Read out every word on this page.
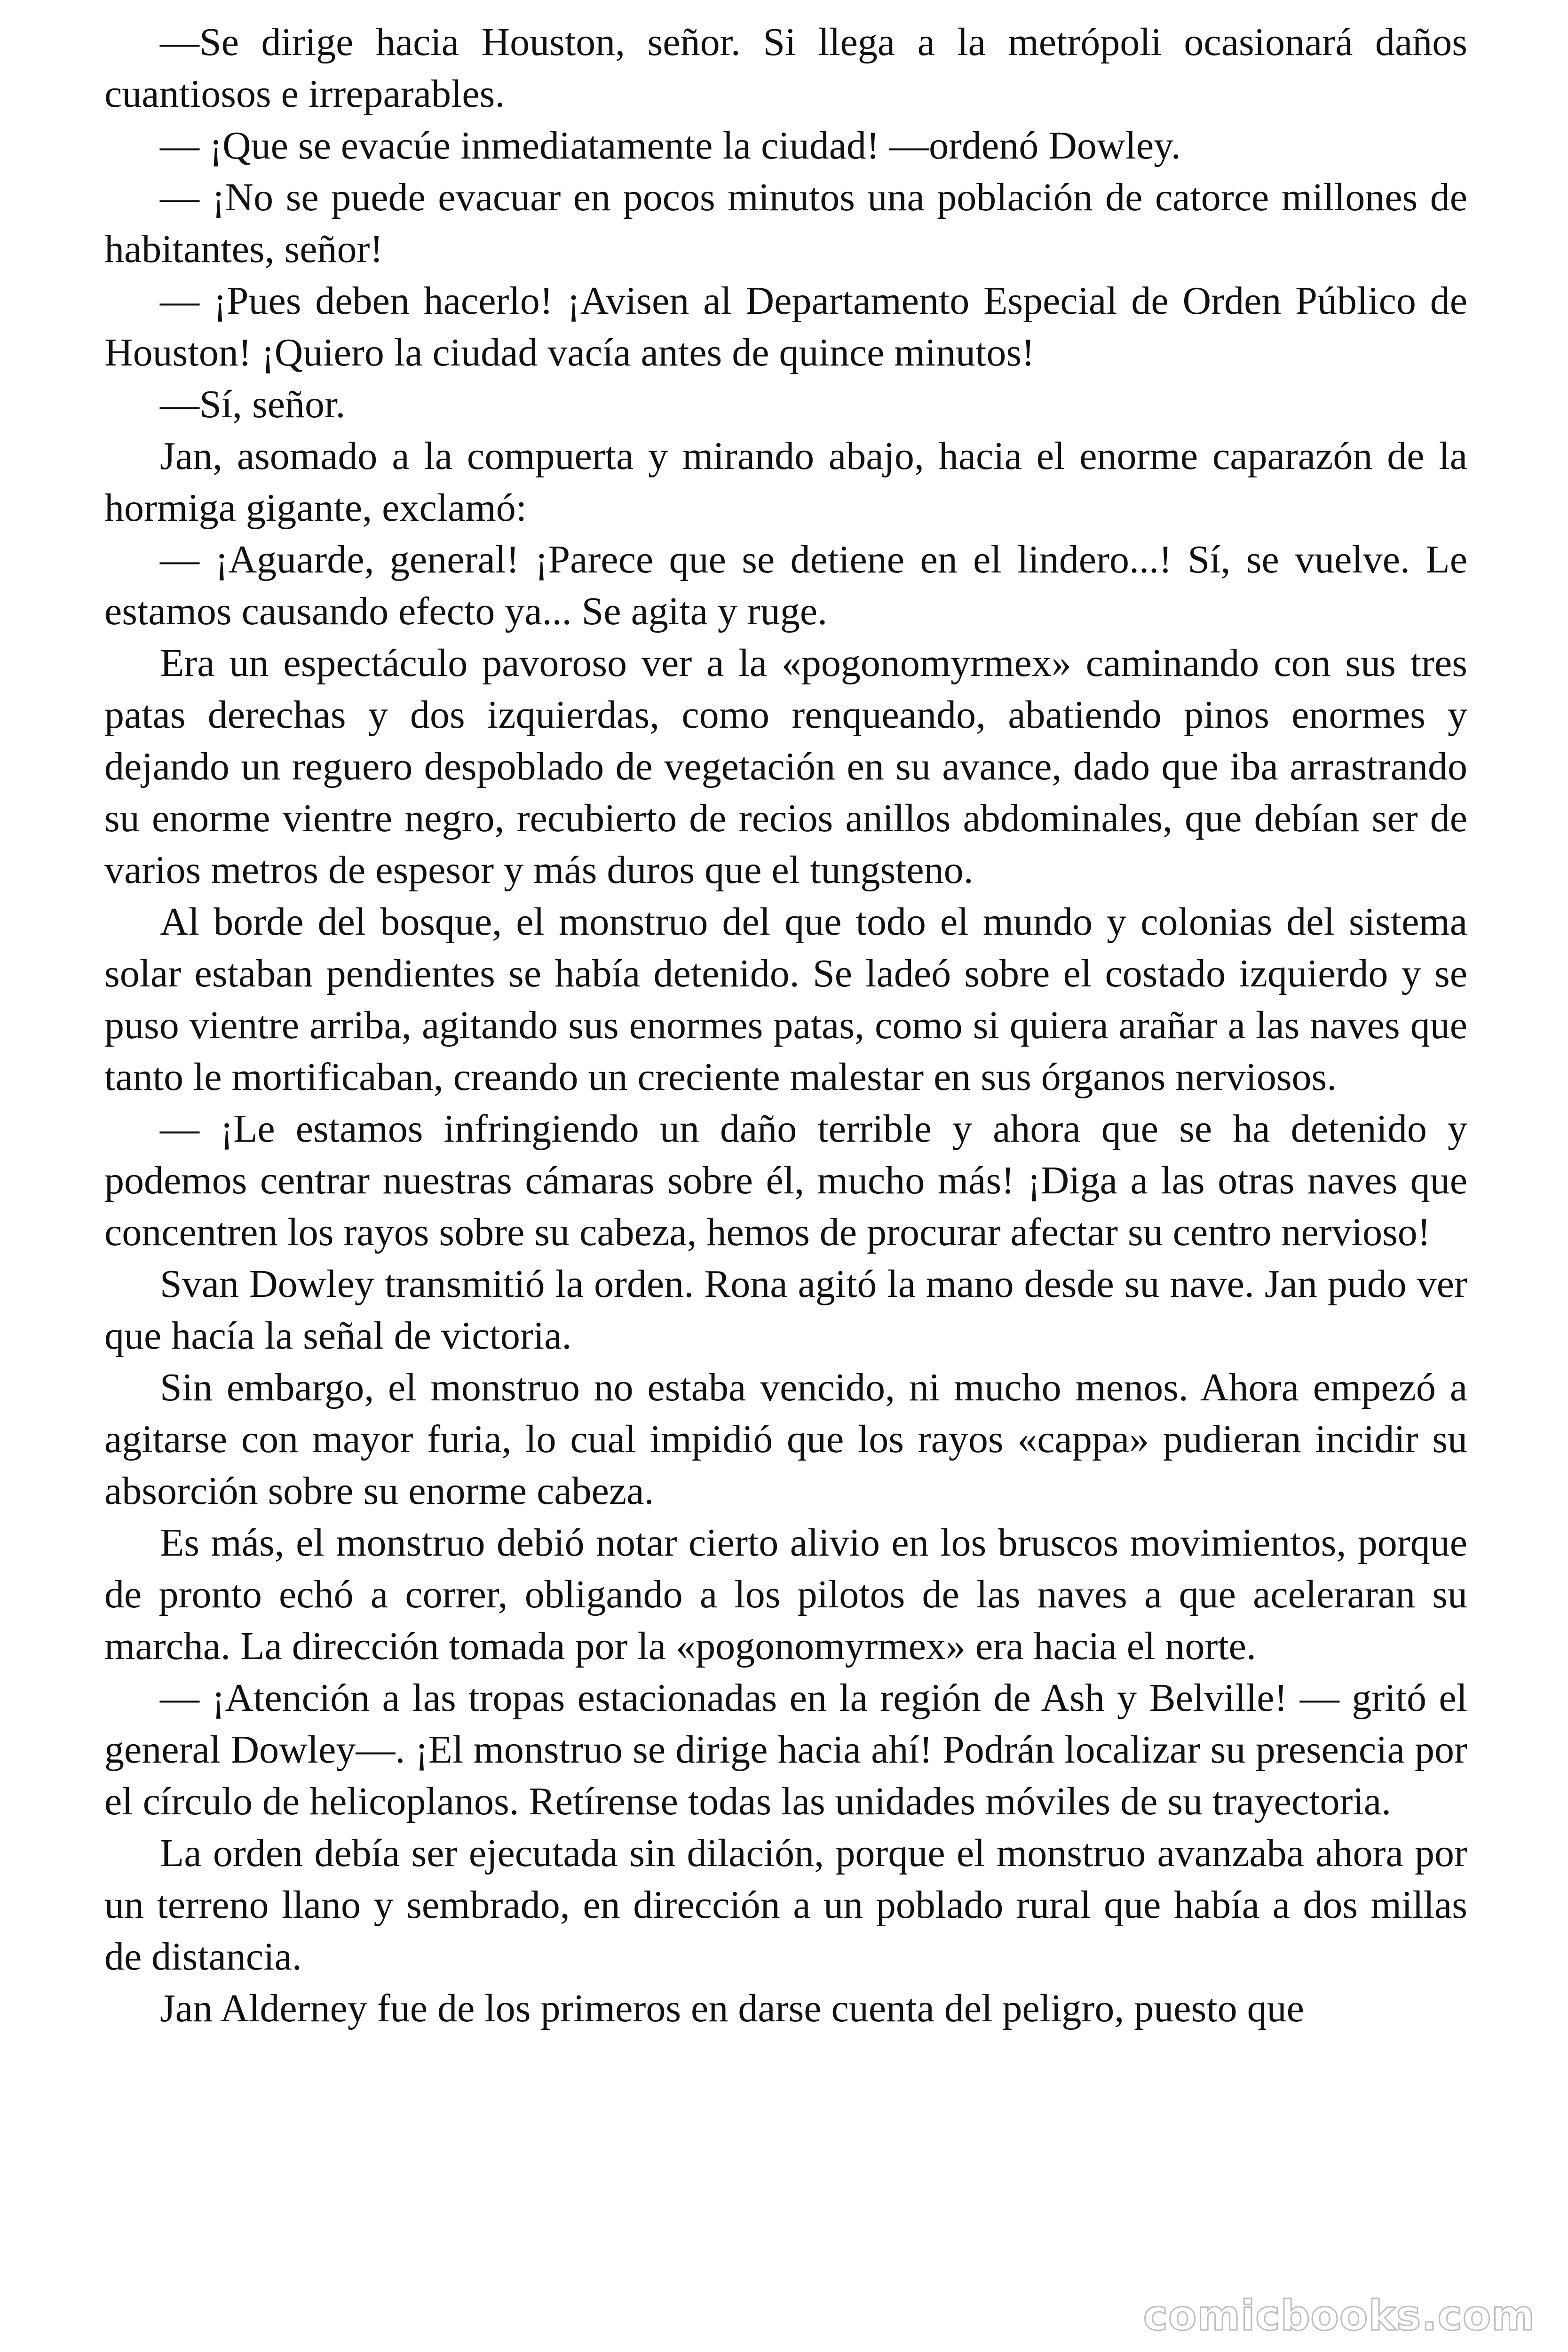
—Se dirige hacia Houston, señor. Si llega a la metrópoli ocasionará daños cuantiosos e irreparables.

— ¡Que se evacúe inmediatamente la ciudad! —ordenó Dowley.

— ¡No se puede evacuar en pocos minutos una población de catorce millones de habitantes, señor!

— ¡Pues deben hacerlo! ¡Avisen al Departamento Especial de Orden Público de Houston! ¡Quiero la ciudad vacía antes de quince minutos!

—Sí, señor.

Jan, asomado a la compuerta y mirando abajo, hacia el enorme caparazón de la hormiga gigante, exclamó:

— ¡Aguarde, general! ¡Parece que se detiene en el lindero...! Sí, se vuelve. Le estamos causando efecto ya... Se agita y ruge.

Era un espectáculo pavoroso ver a la «pogonomyrmex» caminando con sus tres patas derechas y dos izquierdas, como renqueando, abatiendo pinos enormes y dejando un reguero despoblado de vegetación en su avance, dado que iba arrastrando su enorme vientre negro, recubierto de recios anillos abdominales, que debían ser de varios metros de espesor y más duros que el tungsteno.

Al borde del bosque, el monstruo del que todo el mundo y colonias del sistema solar estaban pendientes se había detenido. Se ladeó sobre el costado izquierdo y se puso vientre arriba, agitando sus enormes patas, como si quiera arañar a las naves que tanto le mortificaban, creando un creciente malestar en sus órganos nerviosos.

— ¡Le estamos infringiendo un daño terrible y ahora que se ha detenido y podemos centrar nuestras cámaras sobre él, mucho más! ¡Diga a las otras naves que concentren los rayos sobre su cabeza, hemos de procurar afectar su centro nervioso!

Svan Dowley transmitió la orden. Rona agitó la mano desde su nave. Jan pudo ver que hacía la señal de victoria.

Sin embargo, el monstruo no estaba vencido, ni mucho menos. Ahora empezó a agitarse con mayor furia, lo cual impidió que los rayos «cappa» pudieran incidir su absorción sobre su enorme cabeza.

Es más, el monstruo debió notar cierto alivio en los bruscos movimientos, porque de pronto echó a correr, obligando a los pilotos de las naves a que aceleraran su marcha. La dirección tomada por la «pogonomyrmex» era hacia el norte.

— ¡Atención a las tropas estacionadas en la región de Ash y Belville! — gritó el general Dowley—. ¡El monstruo se dirige hacia ahí! Podrán localizar su presencia por el círculo de helicoplanos. Retírense todas las unidades móviles de su trayectoria.

La orden debía ser ejecutada sin dilación, porque el monstruo avanzaba ahora por un terreno llano y sembrado, en dirección a un poblado rural que había a dos millas de distancia.

Jan Alderney fue de los primeros en darse cuenta del peligro, puesto que

comicbooks.com
